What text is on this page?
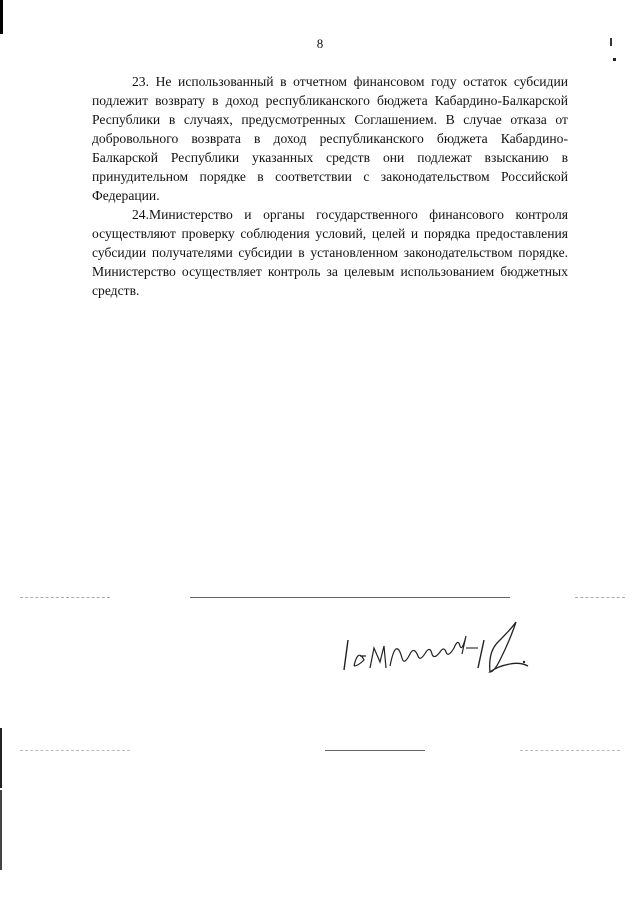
8

23. Не использованный в отчетном финансовом году остаток субсидии подлежит возврату в доход республиканского бюджета Кабардино-Балкарской Республики в случаях, предусмотренных Соглашением. В случае отказа от добровольного возврата в доход республиканского бюджета Кабардино-Балкарской Республики указанных средств они подлежат взысканию в принудительном порядке в соответствии с законодательством Российской Федерации.

24.Министерство и органы государственного финансового контроля осуществляют проверку соблюдения условий, целей и порядка предоставления субсидии получателями субсидии в установленном законодательством порядке. Министерство осуществляет контроль за целевым использованием бюджетных средств.

/ Ф.М. Хамгокова /
